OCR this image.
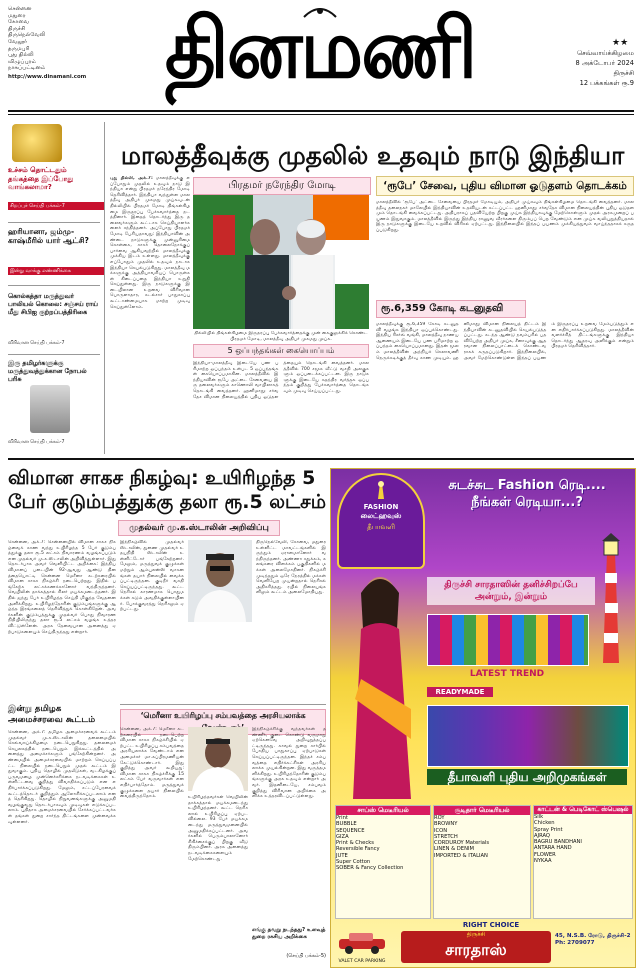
சென்னை
மதுரை
கோவை
திருச்சி
திருநெல்வேலி
வேலூர்
தருமபுரி
புது தில்லி
விழுப்புரம்
நாகப்பட்டினம்
http://www.dinamani.com தினமணி	★★
செவ்வாய்க்கிழமை
8 அக்டோபர் 2024
திருச்சி
12 பக்கங்கள் ரூ.9
உச்சம் தொட்டதும் தங்கத்தை இப்போது வாங்கலாமா?
சிறப்புச் செய்தி பக்கம்-7
ஹரியானா, ஜம்மு-காஷ்மீரில் யார் ஆட்சி?
இன்று வாக்கு எண்ணிக்கை
கொல்கத்தா மருத்துவர் பாலியல் கொலை: சஞ்சய் ராய் மீது சிபிஐ குற்றப்பத்திரிகை
விரிவான செய்தி பக்கம்-7
இரு தமிழர்களுக்கு மருத்துவத்துக்கான நோபல் பரிசு
விரிவான செய்தி பக்கம்-7
மாலத்தீவுக்கு முதலில் உதவும் நாடு இந்தியா
பிரதமர் நரேந்திர மோடி
புது தில்லி, அக்.7: மாலத்தீவுக்கு எப்போதும் முதலில் உதவும் நாடு இந்தியா என்று பிரதமர் நரேந்திர மோடி தெரிவித்தார். இந்தியா வந்துள்ள மாலத்தீவு அதிபர் முகமது முய்சுவுடன் தில்லியில் பிரதமர் மோடி திங்கள்கிழமை இருதரப்பு பேச்சுவார்த்தை நடத்தினார். இதைத் தொடர்ந்து இரு தலைவர்களும் கூட்டாக செய்தியாளர்களைச் சந்தித்தனர். அப்போது பிரதமர் மோடி பேசியதாவது: இந்தியாவின் அண்டை நாடுகளுக்கு முன்னுரிமை கொள்கை, சாகர் தொலைநோக்குப் பார்வை ஆகியவற்றில் மாலத்தீவுக்கு முக்கிய இடம் உள்ளது. மாலத்தீவுக்கு எப்போதும் முதலில் உதவும் நாடாக இந்தியா செயல்படுகிறது. மாலத்தீவு மக்களுக்கு அத்தியாவசியப் பொருள்கள் கிடைப்பதை இந்தியா உறுதி செய்துள்ளது. இரு நாடுகளுக்கு இடையிலான உறவை விரிவான பொருளாதார, கடல்சார் பாதுகாப்பு கூட்டாண்மையாக மாற்ற முடிவு செய்துள்ளோம்.
தில்லியில் திங்கள்கிழமை இருதரப்பு பேச்சுவார்த்தைக்கு முன் கைகுலுக்கிக் கொண்ட பிரதமர் மோடி, மாலத்தீவு அதிபர் முகமது முய்சு.
5 ஒப்பந்தங்கள் கையொப்பம்
இந்தியா-மாலத்தீவு இடையே பண பரிமாற்ற ஒப்பந்தம் உள்பட 5 ஒப்பந்தங்கள் கையொப்பமாகின. மாலத்தீவில் இந்தியாவின் ரூபே அட்டை சேவையை இரு தலைவர்களும் காணொலி வாயிலாகத் தொடங்கி வைத்தனர். ஹனிமாதூ சர்வதேச விமான நிலையத்தில் புதிய ஓடுதளத்தையும் தொடங்கி வைத்தனர். மாலத்தீவில் 700 சமூக வீட்டு வசதி அலகுகளும் ஒப்படைக்கப்பட்டன. இரு நாடுகளுக்கு இடையே சுதந்திர வர்த்தக ஒப்பந்தம் குறித்து பேச்சுவார்த்தை தொடங்கவும் முடிவு செய்யப்பட்டது.
‘ரூபே’ சேவை, புதிய விமான ஓடுதளம் தொடக்கம்
மாலத்தீவில் ‘ரூபே’ அட்டை சேவையை பிரதமர் மோடியும், அதிபர் முய்சுவும் திங்கள்கிழமை தொடங்கி வைத்தனர். மாலத்தீவு தலைநகர் மாலேயில் இந்தியாவின் உதவியுடன் கட்டப்பட்ட ஹனிமாதூ சர்வதேச விமான நிலையத்தின் புதிய ஓடுதளமும் தொடங்கி வைக்கப்பட்டது. அதிபராகப் பதவியேற்ற பிறகு முய்சு இந்தியாவுக்கு மேற்கொள்ளும் முதல் அரசுமுறைப் பயணம் இதுவாகும். மாலத்தீவில் இருந்து இந்திய ராணுவ வீரர்களை திரும்பப் பெற வேண்டும் என முய்சு வலியுறுத்தியதால் இரு நாடுகளுக்கு இடையே உறவில் விரிசல் ஏற்பட்டது. இந்நிலையில் இந்தப் பயணம் முக்கியத்துவம் வாய்ந்ததாகக் கருதப்படுகிறது.
ரூ.6,359 கோடி கடனுதவி
மாலத்தீவுக்கு ரூ.6,359 கோடி கடனுதவி வழங்க இந்தியா ஒப்புக்கொண்டது. இந்திய ரிசர்வ் வங்கி, மாலத்தீவு நாணய ஆணையம் இடையே பண பரிமாற்ற ஒப்பந்தம் கையொப்பமானது. இதன் மூலம் மாலத்தீவின் அந்நியச் செலாவணி நெருக்கடிக்குத் தீர்வு காண முடியும். ஹனிமாதூ விமான நிலையத் திட்டம் இந்தியாவின் கடனுதவியில் செயல்படுத்தப்பட்டது. கடந்த ஆண்டு நவம்பரில் பதவியேற்ற அதிபர் முய்சு, சீனாவுக்கு ஆதரவான நிலைப்பாட்டைக் கொண்டவராகக் கருதப்படுகிறார். இந்நிலையில், அவர் மேற்கொண்டுள்ள இந்தப் பயணம் இருதரப்பு உறவை மேம்படுத்தும் என எதிர்பார்க்கப்படுகிறது. மாலத்தீவின் வளர்ச்சித் திட்டங்களுக்கு இந்தியா தொடர்ந்து ஆதரவு அளிக்கும் என்றும் பிரதமர் தெரிவித்தார்.
விமான சாகச நிகழ்வு: உயிரிழந்த 5 பேர் குடும்பத்துக்கு தலா ரூ.5 லட்சம்
முதல்வர் மு.க.ஸ்டாலின் அறிவிப்பு
சென்னை, அக்.7: சென்னையில் விமான சாகச நிகழ்வைக் காண வந்து உயிரிழந்த 5 பேர் குடும்பத்துக்கு தலா ரூ.5 லட்சம் நிவாரணம் வழங்கப்படும் என முதல்வர் மு.க.ஸ்டாலின் அறிவித்துள்ளார். இது தொடர்பாக அவர் வெளியிட்ட அறிக்கை: இந்திய விமானப் படையின் 92-ஆவது ஆண்டு தினத்தையொட்டி சென்னை மெரீனா கடற்கரையில் விமான சாகச நிகழ்ச்சி நடைபெற்றது. இதில் பங்கேற்க லட்சக்கணக்கானோர் வந்திருந்தனர். வெயிலின் தாக்கத்தால் சிலர் மயக்கமடைந்தனர். இதில் ஐந்து பேர் உயிரிழந்த செய்தி மிகுந்த வேதனை அளிக்கிறது. உயிரிழந்தோரின் குடும்பங்களுக்கு ஆழ்ந்த இரங்கலைத் தெரிவித்துக் கொள்கிறேன். அவர்களின் குடும்பத்துக்கு முதல்வர் பொது நிவாரண நிதியிலிருந்து தலா ரூ.5 லட்சம் வழங்க உத்தரவிட்டுள்ளேன். அரசு தேவையான அனைத்து ஏற்பாடுகளையும் செய்திருந்தது என்றார்.
இந்நிகழ்வில் முதல்வர் ஸ்டாலின், துணை முதல்வர் உதயநிதி ஸ்டாலின் உள்ளிட்டோர் பங்கேற்றனர். மேலும், மருத்துவக் குழுக்கள் மற்றும் ஆம்புலன்ஸ் வாகனங்கள் தயார் நிலையில் வைக்கப்பட்டிருந்தன. குடிநீர் வசதி செய்யப்பட்டிருந்தது. கூட்ட நெரிசல் காரணமாக பொதுமக்கள் கடும் அவதிக்குள்ளாயினர். போக்குவரத்து நெரிசலும் ஏற்பட்டது.
திருநெல்வேலி, கோவை, மதுரை உள்ளிட்ட மாவட்டங்களில் இருந்தும் ஏராளமானோர் வந்திருந்தனர். அண்ணா சதுக்கம், கலங்கரை விளக்கம் பகுதிகளில் மக்கள் அலைமோதினர். நிகழ்ச்சி முடிந்ததும் ஒரே நேரத்தில் மக்கள் வெளியேற முயன்றதால் நெரிசல் அதிகரித்தது. ரயில் நிலையங்களிலும் கூட்டம் அலைமோதியது.
இன்று தமிழக அமைச்சரவை கூட்டம்
சென்னை, அக்.7: தமிழக அமைச்சரவைக் கூட்டம் முதல்வர் மு.க.ஸ்டாலின் தலைமையில் செவ்வாய்க்கிழமை நடைபெறுகிறது. தலைமைச் செயலகத்தில் நடைபெறும் இக்கூட்டத்தில் அனைத்து அமைச்சர்களும் பங்கேற்கின்றனர். அண்மையில் அமைச்சரவையில் மாற்றம் செய்யப்பட்ட நிலையில் நடைபெறும் முதல் கூட்டம் இதுவாகும். புதிய தொழில் முதலீடுகள், வடகிழக்குப் பருவமழை முன்னெச்சரிக்கை நடவடிக்கைகள் உள்ளிட்டவை குறித்து விவாதிக்கப்படும் என எதிர்பார்க்கப்படுகிறது. மேலும், சட்டப்பேரவைக் கூட்டத்தொடர் குறித்தும் ஆலோசிக்கப்படலாம் எனத் தெரிகிறது. தொழில் நிறுவனங்களுக்கு அனுமதி வழங்குவது தொடர்பாகவும் முடிவுகள் எடுக்கப்படலாம். புதிதாக அமைச்சரவையில் சேர்க்கப்பட்டவர்கள் தங்கள் துறை சார்ந்த திட்டங்களை முன்வைக்கவுள்ளனர்.
‘மெரீனா உயிரிழப்பு சம்பவத்தை அரசியலாக்க
சென்னை, அக்.7: மெரீனா கடற்கரையில் நடைபெற்ற விமான சாகச நிகழ்ச்சியில் ஏற்பட்ட உயிரிழப்பு சம்பவத்தை அரசியலாக்க வேண்டாம் என அமைச்சர் மா.சுப்பிரமணியன் கேட்டுக்கொண்டார். இது குறித்து அவர் கூறியது: விமான சாகச நிகழ்ச்சிக்கு 15 லட்சம் பேர் வருவார்கள் என எதிர்பார்த்தோம். மருத்துவக் குழுக்களை தயார் நிலையில் வைத்திருந்தோம்.	உயிரிழந்தவர்கள் வெயிலின் தாக்கத்தால் மயக்கமடைந்து உயிரிழந்தனர். கூட்ட நெரிசலால் உயிரிழப்பு ஏற்படவில்லை. 93 பேர் மயக்கமடைந்து மருத்துவமனையில் அனுமதிக்கப்பட்டனர். அவர்களில் பெரும்பாலானோர் சிகிச்சைக்குப் பிறகு வீடு திரும்பினர். அரசு அனைத்து நடவடிக்கைகளையும் மேற்கொண்டது.
இந்நிகழ்ச்சிக்கு வந்தவர்கள் தண்ணீர், குடை கொண்டு வருமாறு ஏற்கெனவே அறிவுறுத்தப்பட்டிருந்தது. காவல் துறை சார்பில் போதிய பாதுகாப்பு ஏற்பாடுகள் செய்யப்பட்டிருந்தன. இந்தச் சம்பவத்தை எதிர்க்கட்சிகள் அரசியலாக்க முயல்கின்றன. இது வருத்தமளிக்கிறது. உயிரிழந்தோரின் குடும்பங்களுக்கு அரசு உதவும் என்றார் அவர். இதனிடையே, சம்பவம் குறித்து விரிவான அறிக்கை அளிக்க உத்தரவிடப்பட்டுள்ளது.
எங்கு தவறு நடந்தது? உளவுத் துறை ரகசிய அறிக்கை
(செய்தி பக்கம்-5)
FASHION லைட்ஹவுஸ்
தீபாவளி
சுடச்சுட Fashion ரெடி.... நீங்கள் ரெடியா...?
திருச்சி சாரதாஸின் தனிச்சிறப்பே அன்றும், இன்றும்
LATEST TREND
READYMADE
தீபாவளி புதிய அறிமுகங்கள்
சாப்ஸ் மெடீரியல்
Print
BUBBLE
SEQUENCE
GIZA
Print & Checks
Reversible Fancy
JUTE
Super Cotton
SOBER & Fancy Collection
சூடிதார் மெடீரியல்
ROY
BROWNY
ICON
STRETCH
CORDUROY Materials
LINEN & DENIM
IMPORTED & ITALIAN
காட்டன் & பெடிகோட் ஸ்பெஷல்
Silk
Chicken
Spray Print
AJRAQ
BAGRU BANDHANI
ANTARA HAND
FLOWER
NYKAA
RIGHT CHOICE
VALET CAR PARKING
திருச்சி
சாரதாஸ்
45, N.S.B. ரோடு, திருச்சி-2 Ph: 2709077
